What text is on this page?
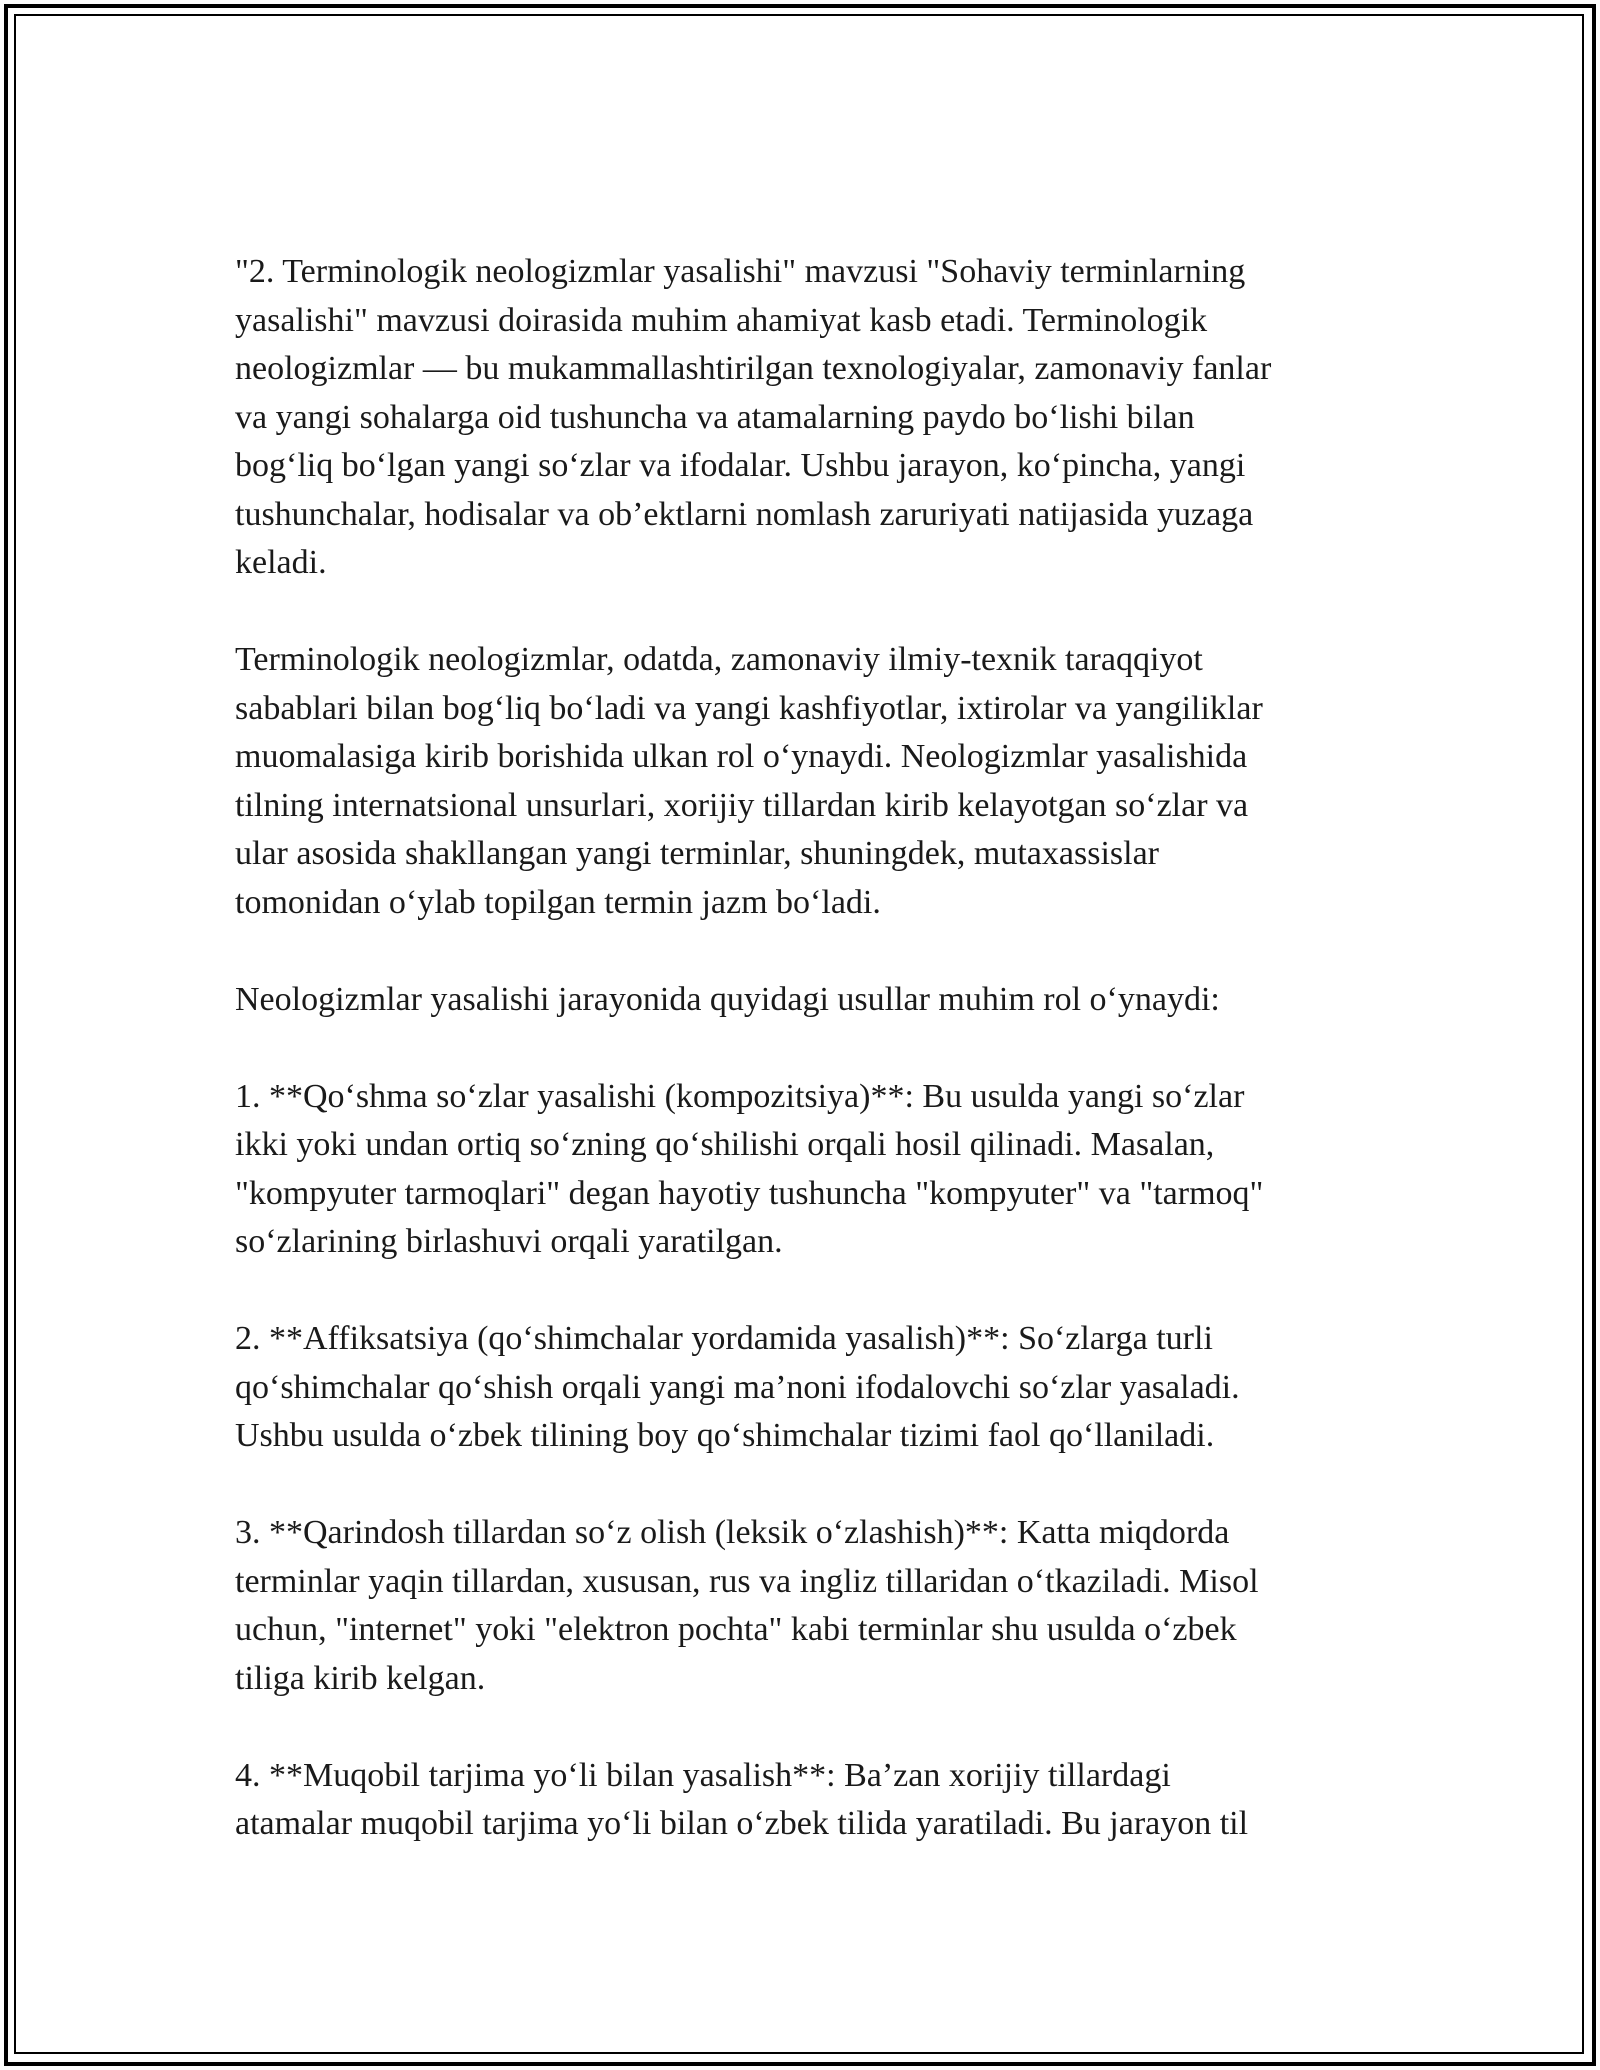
"2. Terminologik neologizmlar yasalishi" mavzusi "Sohaviy terminlarning
yasalishi" mavzusi doirasida muhim ahamiyat kasb etadi. Terminologik
neologizmlar — bu mukammallashtirilgan texnologiyalar, zamonaviy fanlar
va yangi sohalarga oid tushuncha va atamalarning paydo bo‘lishi bilan
bog‘liq bo‘lgan yangi so‘zlar va ifodalar. Ushbu jarayon, ko‘pincha, yangi
tushunchalar, hodisalar va ob’ektlarni nomlash zaruriyati natijasida yuzaga
keladi.

Terminologik neologizmlar, odatda, zamonaviy ilmiy-texnik taraqqiyot
sabablari bilan bog‘liq bo‘ladi va yangi kashfiyotlar, ixtirolar va yangiliklar
muomalasiga kirib borishida ulkan rol o‘ynaydi. Neologizmlar yasalishida
tilning internatsional unsurlari, xorijiy tillardan kirib kelayotgan so‘zlar va
ular asosida shakllangan yangi terminlar, shuningdek, mutaxassislar
tomonidan o‘ylab topilgan termin jazm bo‘ladi.

Neologizmlar yasalishi jarayonida quyidagi usullar muhim rol o‘ynaydi:

1. **Qo‘shma so‘zlar yasalishi (kompozitsiya)**: Bu usulda yangi so‘zlar
ikki yoki undan ortiq so‘zning qo‘shilishi orqali hosil qilinadi. Masalan,
"kompyuter tarmoqlari" degan hayotiy tushuncha "kompyuter" va "tarmoq"
so‘zlarining birlashuvi orqali yaratilgan.

2. **Affiksatsiya (qo‘shimchalar yordamida yasalish)**: So‘zlarga turli
qo‘shimchalar qo‘shish orqali yangi ma’noni ifodalovchi so‘zlar yasaladi.
Ushbu usulda o‘zbek tilining boy qo‘shimchalar tizimi faol qo‘llaniladi.

3. **Qarindosh tillardan so‘z olish (leksik o‘zlashish)**: Katta miqdorda
terminlar yaqin tillardan, xususan, rus va ingliz tillaridan o‘tkaziladi. Misol
uchun, "internet" yoki "elektron pochta" kabi terminlar shu usulda o‘zbek
tiliga kirib kelgan.

4. **Muqobil tarjima yo‘li bilan yasalish**: Ba’zan xorijiy tillardagi
atamalar muqobil tarjima yo‘li bilan o‘zbek tilida yaratiladi. Bu jarayon til
